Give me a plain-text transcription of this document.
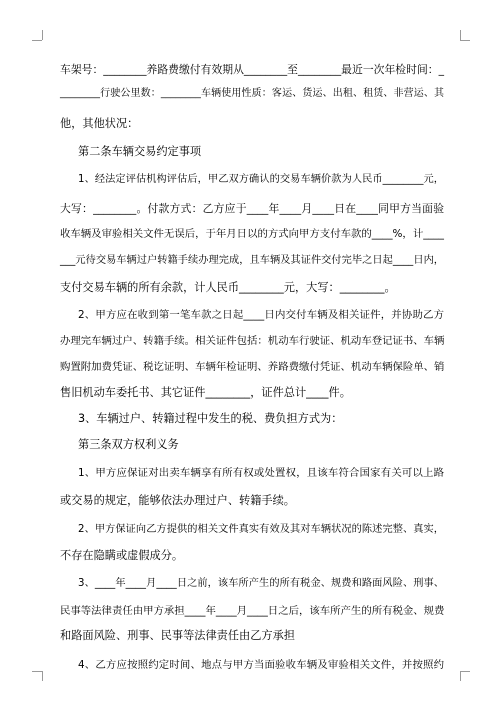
车架号：________养路费缴付有效期从________至________最近一次年检时间：_
________行驶公里数：________车辆使用性质：客运、货运、出租、租赁、非营运、其
他，其他状况：
第二条车辆交易约定事项
1、经法定评估机构评估后，甲乙双方确认的交易车辆价款为人民币________元，
大写：________。付款方式：乙方应于____年____月____日在____同甲方当面验
收车辆及审验相关文件无误后，于年月日以的方式向甲方支付车款的____%，计____
___元待交易车辆过户转籍手续办理完成，且车辆及其证件交付完毕之日起____日内，
支付交易车辆的所有余款，计人民币________元，大写：________。
2、甲方应在收到第一笔车款之日起____日内交付车辆及相关证件，并协助乙方
办理完车辆过户、转籍手续。相关证件包括：机动车行驶证、机动车登记证书、车辆
购置附加费凭证、税讫证明、车辆年检证明、养路费缴付凭证、机动车辆保险单、销
售旧机动车委托书、其它证件________，证件总计____件。
3、车辆过户、转籍过程中发生的税、费负担方式为：
第三条双方权利义务
1、甲方应保证对出卖车辆享有所有权或处置权，且该车符合国家有关可以上路
或交易的规定，能够依法办理过户、转籍手续。
2、甲方保证向乙方提供的相关文件真实有效及其对车辆状况的陈述完整、真实，
不存在隐瞒或虚假成分。
3、____年____月____日之前，该车所产生的所有税金、规费和路面风险、刑事、
民事等法律责任由甲方承担____年____月____日之后，该车所产生的所有税金、规费
和路面风险、刑事、民事等法律责任由乙方承担
4、乙方应按照约定时间、地点与甲方当面验收车辆及审验相关文件，并按照约
